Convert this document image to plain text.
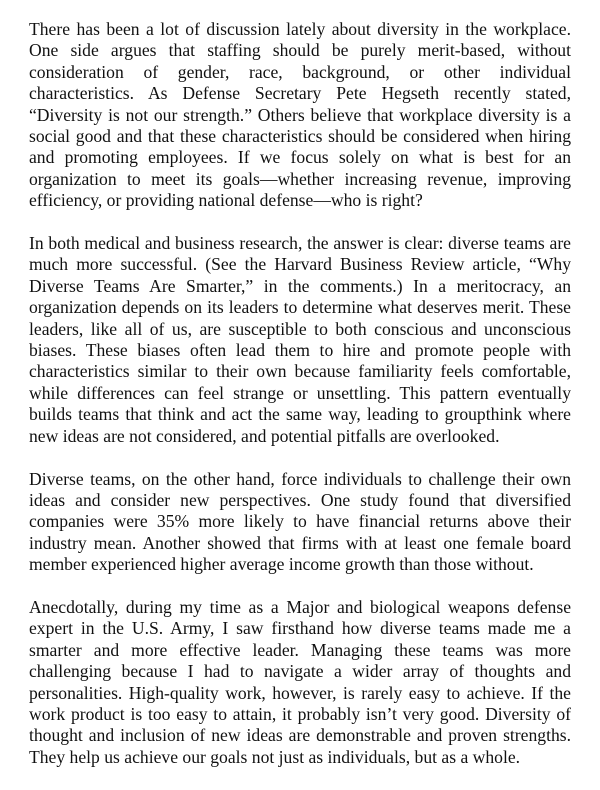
There has been a lot of discussion lately about diversity in the workplace. One side argues that staffing should be purely merit-based, without consideration of gender, race, background, or other individual characteristics. As Defense Secretary Pete Hegseth recently stated, “Diversity is not our strength.” Others believe that workplace diversity is a social good and that these characteristics should be considered when hiring and promoting employees. If we focus solely on what is best for an organization to meet its goals—whether increasing revenue, improving efficiency, or providing national defense—who is right?

In both medical and business research, the answer is clear: diverse teams are much more successful. (See the Harvard Business Review article, “Why Diverse Teams Are Smarter,” in the comments.) In a meritocracy, an organization depends on its leaders to determine what deserves merit. These leaders, like all of us, are susceptible to both conscious and unconscious biases. These biases often lead them to hire and promote people with characteristics similar to their own because familiarity feels comfortable, while differences can feel strange or unsettling. This pattern eventually builds teams that think and act the same way, leading to groupthink where new ideas are not considered, and potential pitfalls are overlooked.

Diverse teams, on the other hand, force individuals to challenge their own ideas and consider new perspectives. One study found that diversified companies were 35% more likely to have financial returns above their industry mean. Another showed that firms with at least one female board member experienced higher average income growth than those without.

Anecdotally, during my time as a Major and biological weapons defense expert in the U.S. Army, I saw firsthand how diverse teams made me a smarter and more effective leader. Managing these teams was more challenging because I had to navigate a wider array of thoughts and personalities. High-quality work, however, is rarely easy to achieve. If the work product is too easy to attain, it probably isn’t very good. Diversity of thought and inclusion of new ideas are demonstrable and proven strengths. They help us achieve our goals not just as individuals, but as a whole.
